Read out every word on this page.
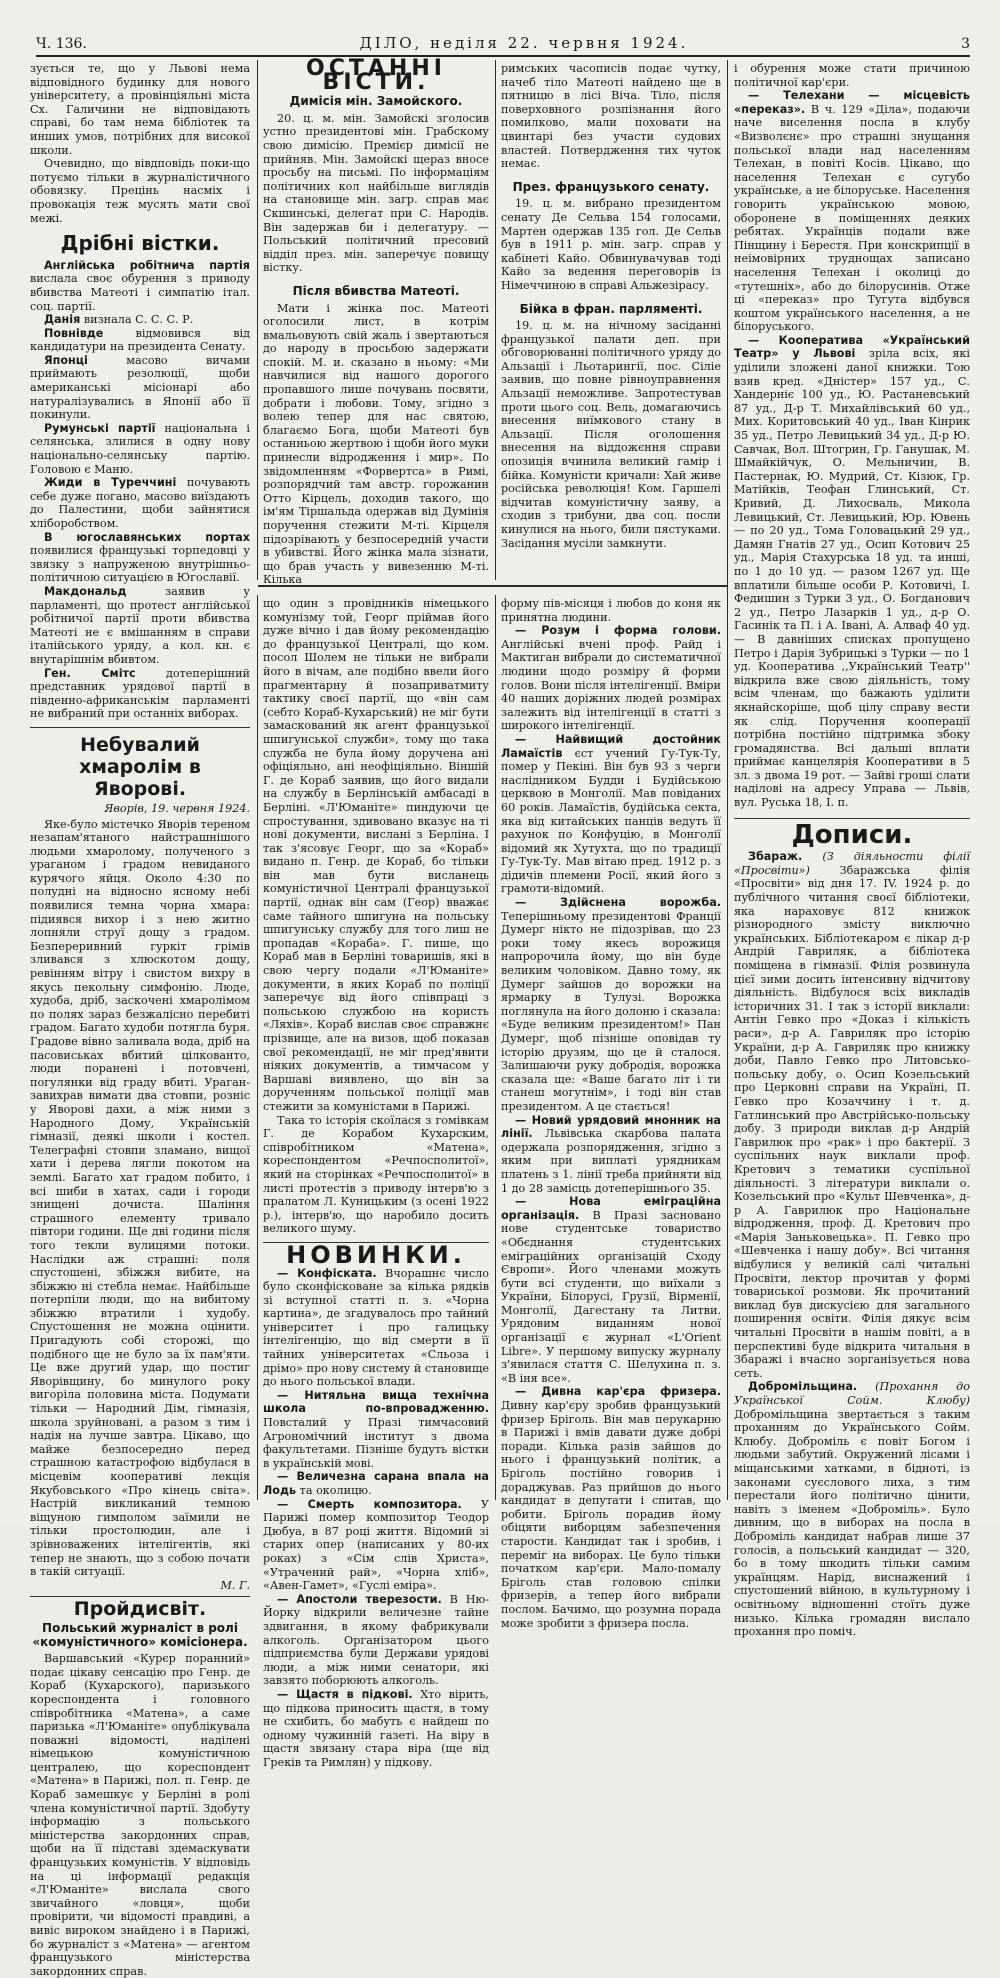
Ч. 136.	ДІЛО, неділя 22. червня 1924.	3

зується те, що у Львові нема відповідного будинку для нового університету, а провінціяльні міста Сх. Галичини не відповідають справі, бо там нема бібліотек та инших умов, потрібних для високої школи.

Очевидно, що вівдповідь поки-що потуємо тільки в журналістичного обовязку. Прецінь насміх і провокація теж мусять мати свої межі.

Дрібні вістки.

Англійська робітнича партія вислала своє обурення з приводу вбивства Матеоті і симпатію італ. соц. партії.

Данія визнала С. С. С. Р.

Повнівде	відмовився від кандидатури на президента Сенату.

Японці	масово вичами приймають резолюції, щоби американські місіонарі або натуралізувались в Японії або її покинули.

Румунські партії національна і селянська, злилися в одну нову національно-селянську партію. Головою є Маню.

Жиди в Туреччині почувають себе дуже погано, масово виїздають до Палестини, щоби зайнятися хліборобством.

В югославянських портах появилися французькі торпедовці у звязку з напруженою внутрішньо-політичною ситуацією в Югославії.

Макдональд	заявив у парламенті, що протест англійської робітничої партії проти вбивства Матеоті не є вмішанням в справи італійського уряду, а кол. кн. є внутарішнім вбивтом.

Ген. Смітс	дотеперішний представник урядової партії в південно-африканськім парламенті не вибраний при останніх виборах.

Небувалий хмаролім в Яворові.
Яворів, 19. червня 1924.

Яке-було містечко Яворів тереном незапам'ятаного найстрашнішого людьми хмаролому, полученого з ураганом і градом невиданого курячого яйця. Около 4:30 по полудні на відносно ясному небі появилися темна чорна хмара: підиявся вихор і з нею житно лопняли струї дощу з градом. Безпереривний гуркіт грімів зливався з хлюскотом дощу, ревінням вітру і свистом вихру в якусь пекольну симфонію. Люде, худоба, дріб, заскочені хмаролімом по полях зараз безжалісно перебиті градом. Багато худоби потягла буря. Градове вівно заливала вода, дріб на пасовиськах вбитий цілкованто, люди поранені і потовчені, погулянки від граду вбиті. Ураган-завихрав вимати два стовпи, розніс у Яворові дахи, а між ними з Народного Дому, Українській гімназії, деякі школи і костел. Телеграфні стовпи зламано, вищої хати і дерева лягли покотом на землі. Багато хат градом побито, і всі шиби в хатах, сади і городи знищені дочиста. Шаління страшного елементу тривало півтори години. Ще дві години після того текли вулицями потоки. Наслідки аж страшні: поля спустошені, збіжжя вибите, на збіжжю ні стебла немає. Найбільше потерпіли люди, що на вибитому збіжжю втратили і худобу. Спустошення не можна оцінити. Пригадують собі сторожі, що подібного ще не було за їх пам'яти. Це вже другий удар, що постиг Яворівщину, бо минулого року вигоріла половина міста. Подумати тільки — Народний Дім, гімназія, школа зруйновані, а разом з тим і надія на лучше завтра. Цікаво, що майже безпосередно перед страшною катастрофою відбулася в місцевім кооперативі лекція Якубовського «Про кінець світа». Настрій викликаний темною віщуною гимполом заїмили не тільки простолюдин, але і зрівноважених інтелігентів, які тепер не знають, що з собою почати в такій ситуації.

М. Г.
Пройдисвіт.
Польський журналіст в ролі «комуністичного» комісіонера.

Варшавський «Курєр поранний» подає цікаву сенсацію про Генр. де Кораб (Кухарского), паризького кореспондента і головного співробітника «Матена», а саме паризька «Л'Юманіте» опублікувала поважні відомості, наділені німецькою комуністичною централею, що кореспондент «Матена» в Парижі, пол. п. Генр. де Кораб замешкує у Берліні в ролі члена комуністичної партії. Здобуту інформацію з польського міністерства закордонних справ, щоби на її підставі здемаскувати французьких комуністів. У відповідь на ці інформації редакція «Л'Юманіте» вислала свого звичайного «ловця», щоби провірити, чи відомості правдиві, а вивіс вироком знайдено і в Парижі, бо журналіст з «Матена» — агентом французького міністерства закордонних справ.

ОСТАННІ ВІСТИ.
Димісія мін. Замойского.

20. ц. м. мін. Замойскі зголосив устно президентові мін. Грабскому свою димісію. Премієр димісії не прийняв. Мін. Замойскі щераз вносе просьбу на письмі. По інформаціям політичних кол найбільше виглядів на становище мін. загр. справ має Скшинські, делегат при С. Народів. Він задержав би і делегатуру. — Польський політичний пресовий відділ през. мін. заперечує повищу вістку.

Після вбивства Матеоті.

Мати і жінка пос. Матеоті оголосили лист, в котрім вмальовують свій жаль і звертаються до народу в просьбою задержати спокій. М. и. сказано в ньому: «Ми навчилися від нашого дорогого пропавшого лише почувань посвяти, добрати і любови. Тому, згідно з волею тепер для нас святою, благаємо Бога, щоби Матеоті був останньою жертвою і щоби його муки принесли відродження і мир». По звідомленням «Форвертса» в Римі, розпорядчий там австр. горожанин Отто Кірцель, доходив такого, що ім'ям Тіршальда одержав від Думінія поручення стежити М-ті. Кірцеля підозрівають у безпосередній участи в убивстві. Його жінка мала зізнати, що брав участь у вивезенню М-ті. Кілька

римських часописів подає чутку, начеб тіло Матеоті найдено ще в пятницю в лісі Віча. Тіло, після поверховного розпізнання його помилково, мали поховати на цвинтарі без участи судових властей. Потвердження тих чуток немає.

През. французького сенату.

19. ц. м. вибрано президентом сенату Де Сельва 154 голосами, Мартен одержав 135 гол. Де Сельв був в 1911 р. мін. загр. справ у кабінеті Кайо. Обвинувачував тоді Кайо за ведення переговорів із Німеччиною в справі Альжезірасу.

Бійка в фран. парляменті.

19. ц. м. на нічному засіданні французької палати деп. при обговорюванні політичного уряду до Альзації і Льотарингії, пос. Сіліе заявив, що повне рівноуправнення Альзації неможливе. Запротестував проти цього соц. Вель, домагаючись внесення виїмкового стану в Альзації. Після оголошення внесення на віддожєння справи опозиція вчинила великий гамір і бійка. Комуністи кричали: Хай живе російська революція! Ком. Гаршелі відчитав комуністичну заяву, а сходив з трибуни, два соц. посли кинулися на нього, били пястуками. Засідання мусіли замкнути.

що один з провідників нiмецького комунізму той, Георг пріймав його дуже вічно і дав йому рекомендацію до французької Централі, що ком. посол Шолем не тільки не вибрали його в вічам, але подібно ввели його прагментарну й позаприватмиту тактику своєї партії, що «він сам (себто Кораб-Кухарський) не міг бути замаскований як агент французької шпигунської служби», тому що така служба не була йому доручена ані офіціяльно, ані неофіціяльно. Віншій Г. де Кораб заявив, що його видали на службу в Берлінській амбасаді в Берліні. «Л'Юманіте» пиндуючи це спростування, здивовано вказує на ті нові документи, вислані з Берліна. І так з'ясовує Георг, що за «Кораб» видано п. Генр. де Кораб, бо тільки він мав бути висланець комуністичної Централі французької партії, однак він сам (Геор) вважає саме тайного шпигуна на польську шпигунську службу для того лиш не пропадав «Кораба». Г. пише, що Кораб мав в Берліні товаришів, які в свою чергу подали «Л'Юманіте» документи, в яких Кораб по поліції заперечує від його співпраці з польською службою на користь «Ляхів». Кораб вислав своє справжнє прізвище, але на визов, щоб показав свої рекомендації, не міг пред'явити ніяких документів, а тимчасом у Варшаві виявлено, що він за дорученням польської поліції мав стежити за комуністами в Парижі.

Така то історія скоїлася з гомівкам Г. де Корабом Кухарским, співробітником «Матена», кореспондентом «Речпосполитої», який на сторінках «Речпосполитої» в листі протестів з приводу інтерв'ю з пралатом Л. Куницьким (з осені 1922 р.), інтерв'ю, що наробило досить великого шуму.

НОВИНКИ.

— Конфіската. Вчорашнє число було сконфісковане за кілька рядків зі вступної статті п. з. «Чорна картина», де згадувалось про тайний університет і про галицьку інтелігенцію, що від смерти в її тайних університетах «Сльоза і дрімо» про нову систему й становище до нього польської влади.

— Нитяльна вища технічна школа по-впровадженню. Повсталий у Празі тимчасовий Агрономічний інститут з двома факультетами. Пізніше будуть вістки в українській мові.

— Величезна сарана впала на Лодь та околицю.

— Смерть композитора. У Парижі помер композитор Теодор Дюбуа, в 87 році життя. Відомий зі старих опер (написаних у 80-их роках) з «Сім слів Христа», «Утрачений рай», «Чорна хліб», «Авен-Гамет», «Гуслі еміра».

— Апостоли тверезости. В Ню-Йорку відкрили величезне тайне здвигання, в якому фабрикували алкоголь. Організатором цього підприємства були Держави урядові люди, а між ними сенатори, які завзято поборюють алкоголь.

— Щастя в підкові. Хто вірить, що підкова приносить щастя, в тому не схибить, бо мабуть є найдеш по одному чужинній газеті. На віру в щастя звязану стара віра (ще від Греків та Римлян) у підкову.

форму пів-місяця і любов до коня як принятна людини.

— Розум і форма голови. Англійські вчені проф. Райд і Мактиган вибрали до систематичної людини щодо розміру й форми голов. Вони після інтелігенції. Вміри 40 наших доріжних людей розмірах залежить від інтелігенції в статті з широкого інтелігенції.

— Найвищий достойник Ламаїстів єст учений Гу-Тук-Ту, помер у Пекіні. Він був 93 з черги наслідником Будди і Будійською церквою в Монголії. Мав повіданих 60 років. Ламаїстів, будійська секта, яка від китайських панців ведуть її рахунок по Конфуцію, в Монголії відомий як Хутухта, що по традиції Гу-Тук-Ту. Мав вітаю пред. 1912 р. з дідичів племени Росії, який його з грамоти-відомий.

— Здійснена ворожба. Теперішньому президентові Франції Думерг нікто не підозрівав, що 23 роки тому якесь ворожиця напророчила йому, що він буде великим чоловіком. Давно тому, як Думерг зайшов до ворожки на ярмарку в Тулузі. Ворожка поглянула на його долоню і сказала: «Буде великим президентом!» Пан Думерг, щоб пізніше оповідав ту історію друзям, що це й сталося. Залишаючи руку добродія, ворожка сказала ще: «Ваше багато літ і ти станеш могутнім», і тоді він став президентом. А це стається!

— Новий урядовий мнонник на лінії. Львівська скарбова палата одержала розпорядження, згідно з яким при виплаті урядникам платень з 1. лінії треба прийняти від 1 до 28 замісць дотеперішнього 35.

— Нова еміграційна організація. В Празі засновано нове студентське товариство «Обєднання студентських еміграційних організацій Сходу Європи». Його членами можуть бути всі студенти, що виїхали з України, Білорусі, Грузії, Вірменії, Монголії, Дагестану та Литви. Урядовим виданням нової організації є журнал «L'Orient Libre». У першому випуску журналу з'явилася стаття С. Шелухина п. з. «В іня все».

— Дивна кар'єра фризера. Дивну кар'єру зробив французький фризер Бріголь. Він мав перукарню в Парижі і вмів давати дуже добрі поради. Кілька разів зайшов до нього і французький політик, а Бріголь постійно говорив і дораджував. Раз прийшов до нього кандидат в депутати і спитав, що робити. Бріголь порадив йому обіцяти виборцям забезпечення старости. Кандидат так і зробив, і переміг на виборах. Це було тільки початком кар'єри. Мало-помалу Бріголь став головою спілки фризерів, а тепер його вибрали послом. Бачимо, що розумна порада може зробити з фризера посла.

і обурення може стати причиною політичної кар'єри.

— Телехани — місцевість «переказ». В ч. 129 «Діла», подаючи наче виселення посла в клубу «Визволєнє» про страшні знущання польської влади над населенням Телехан, в повіті Косів. Цікаво, що населення Телехан є сугубо українське, а не білоруське. Населення говорить українською мовою, оборонене в поміщеннях деяких ребятах. Українців подали вже Пінщину і Берестя. При конскрипції в неімовірних труднощах записано населення Телехан і околиці до «тутешніх», або до білорусинів. Отже ці «переказ» про Тугута відбувся коштом українського населення, а не білоруського.

— Кооператива «Український Театр» у Львові зріла всіх, які уділили зложені даної книжки. Тою взяв кред. «Дністер» 157 уд., С. Хандерніє 100 уд., Ю. Растаневський 87 уд., Д-р Т. Михайлівський 60 уд., Мих. Коритовський 40 уд., Іван Кінрик 35 уд., Петро Левицький 34 уд., Д-р Ю. Савчак, Вол. Штогрин, Гр. Ганушак, М. Шмайкійчук, О. Мельничин, В. Пастернак, Ю. Мудрий, Ст. Кізюк, Гр. Матійків, Теофан Глинський, Ст. Кривий, Д. Лихосваль, Микола Левицький, Ст. Левицький, Юр. Ювень — по 20 уд., Тома Головацький 29 уд., Дамян Гнатів 27 уд., Осип Котович 25 уд., Марія Стахурська 18 уд. та инші, по 1 до 10 уд. — разом 1267 уд. Ще вплатили більше особи Р. Котовичі, І. Федишин з Турки 3 уд., О. Богданович 2 уд., Петро Лазарків 1 уд., д-р О. Гасинік та П. і А. Івані, А. Алваф 40 уд. — В давніших списках пропущено Петро і Дарія Зубрицькі з Турки — по 1 уд. Кооператива ,,Український Театр'' відкрила вже свою діяльність, тому всім членам, що бажають уділити якнайскоріше, щоб цілу справу вести як слід. Поручення кооперації потрібна постійно підтримка збоку громадянства. Всі дальші вплати приймає канцелярія Кооперативи в 5 зл. з двома 19 рот. — Зайві гроші слати наділові на адресу Управа — Львів, вул. Руська 18, І. п.

Дописи.

Збараж. (З діяльности філії «Просвіти»)	Збаражська філія «Просвіти» від дня 17. IV. 1924 р. до публічного читання своєї бібліотеки, яка нараховує 812 книжок різнородного змісту виключно українських. Бібліотекаром є лікар д-р Андрій Гавриляк, а бібліотека поміщена в гімназії. Філія розвинула цієї зими досить інтенсивну відчитову діяльність. Відбулося всіх викладів історичних 31. І так з історії виклали: Антін Гевко про «Доказ і кількість раси», д-р А. Гавриляк про історію України, д-р А. Гавриляк про книжку доби, Павло Гевко про Литовсько-польську добу, о. Осип Козельський про Церковні справи на Україні, П. Гевко про Козаччину і т. д. Гатлинський про Австрійсько-польську добу. З природи виклав д-р Андрій Гаврилюк про «рак» і про бактерії. З суспільних наук виклали проф. Кретович з тематики суспільної діяльності. З літератури виклали о. Козельський про «Культ Шевченка», д-р А. Гаврилюк про Національне відродження, проф. Д. Кретович про «Марія Заньковецька». П. Гевко про «Шевченка і нашу добу». Всі читання відбулися у великій салі читальні Просвіти, лектор прочитав у формі товариської розмови. Як прочитаний виклад був дискусією для загального поширення освіти. Філія дякує всім читальні Просвіти в нашім повіті, а в перспективі буде відкрита читальня в Збаражі і вчасно зорганізується нова сеть.

Добромільщина. (Прохання до Української Сойм. Клюбу) Добромільщина звертається з таким проханням до Українського Сойм. Клюбу. Доброміль є повіт Богом і людьми забутий. Окружений лісами і міщанськими хатками, в бідноті, із законами суєслового лиха, з тим перестали його політично цінити, навіть з іменем «Доброміль». Було дивним, що в виборах на посла в Доброміль кандидат набрав лише 37 голосів, а польський кандидат — 320, бо в тому шкодить тільки самим українцям. Нарід, виснажений і спустошений війною, в культурному і освітньому відношенні стоїть дуже низько. Кілька громадян вислало прохання про поміч.
